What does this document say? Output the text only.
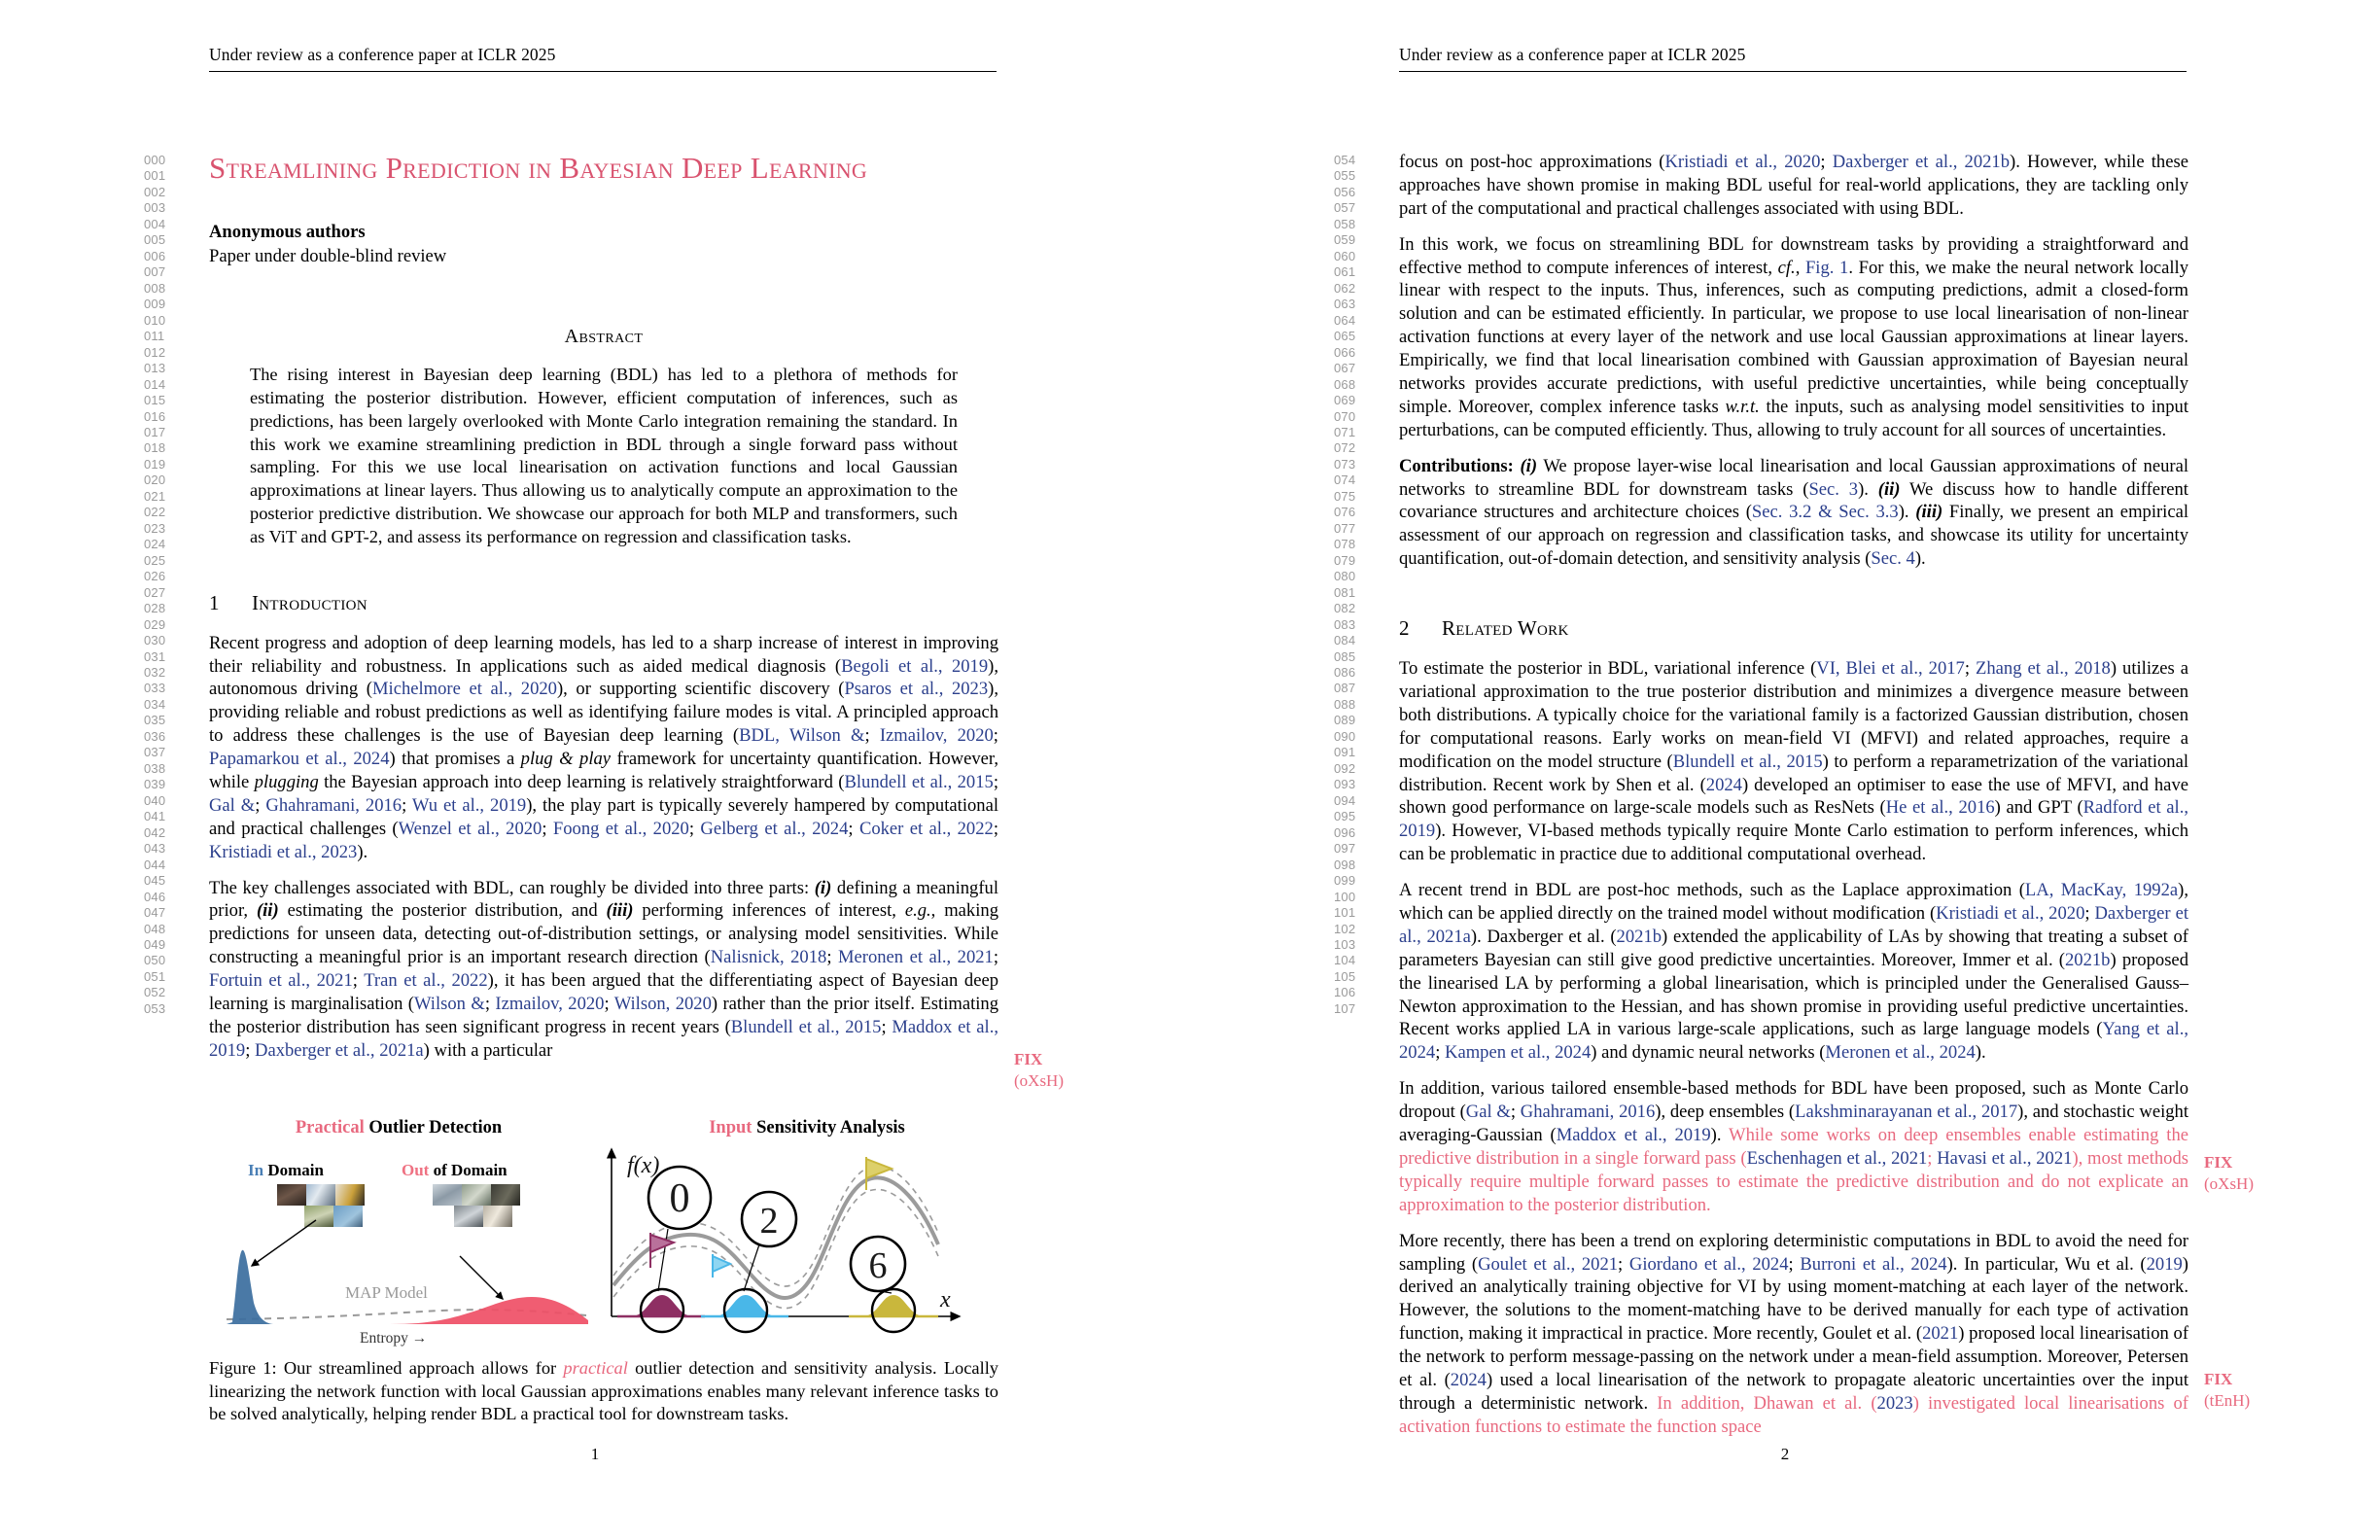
Under review as a conference paper at ICLR 2025
000
001
002
003
004
005
006
007
008
009
010
011
012
013
014
015
016
017
018
019
020
021
022
023
024
025
026
027
028
029
030
031
032
033
034
035
036
037
038
039
040
041
042
043
044
045
046
047
048
049
050
051
052
053
Streamlining Prediction in Bayesian Deep Learning
Anonymous authors
Paper under double-blind review
Abstract
The rising interest in Bayesian deep learning (BDL) has led to a plethora of methods for estimating the posterior distribution. However, efficient computation of inferences, such as predictions, has been largely overlooked with Monte Carlo integration remaining the standard. In this work we examine streamlining prediction in BDL through a single forward pass without sampling. For this we use local linearisation on activation functions and local Gaussian approximations at linear layers. Thus allowing us to analytically compute an approximation to the posterior predictive distribution. We showcase our approach for both MLP and transformers, such as ViT and GPT-2, and assess its performance on regression and classification tasks.
1 Introduction

Recent progress and adoption of deep learning models, has led to a sharp increase of interest in improving their reliability and robustness. In applications such as aided medical diagnosis (Begoli et al., 2019), autonomous driving (Michelmore et al., 2020), or supporting scientific discovery (Psaros et al., 2023), providing reliable and robust predictions as well as identifying failure modes is vital. A principled approach to address these challenges is the use of Bayesian deep learning (BDL, Wilson &; Izmailov, 2020; Papamarkou et al., 2024) that promises a plug & play framework for uncertainty quantification. However, while plugging the Bayesian approach into deep learning is relatively straightforward (Blundell et al., 2015; Gal &; Ghahramani, 2016; Wu et al., 2019), the play part is typically severely hampered by computational and practical challenges (Wenzel et al., 2020; Foong et al., 2020; Gelberg et al., 2024; Coker et al., 2022; Kristiadi et al., 2023).

The key challenges associated with BDL, can roughly be divided into three parts: (i) defining a meaningful prior, (ii) estimating the posterior distribution, and (iii) performing inferences of interest, e.g., making predictions for unseen data, detecting out-of-distribution settings, or analysing model sensitivities. While constructing a meaningful prior is an important research direction (Nalisnick, 2018; Meronen et al., 2021; Fortuin et al., 2021; Tran et al., 2022), it has been argued that the differentiating aspect of Bayesian deep learning is marginalisation (Wilson &; Izmailov, 2020; Wilson, 2020) rather than the prior itself. Estimating the posterior distribution has seen significant progress in recent years (Blundell et al., 2015; Maddox et al., 2019; Daxberger et al., 2021a) with a particular	FIX
(oXsH)
Practical Outlier Detection
In Domain	Out of Domain
MAP Model
Entropy →
Input Sensitivity Analysis
0 2
6
f(x)
x
Figure 1: Our streamlined approach allows for practical outlier detection and sensitivity analysis. Locally linearizing the network function with local Gaussian approximations enables many relevant inference tasks to be solved analytically, helping render BDL a practical tool for downstream tasks.
1
Under review as a conference paper at ICLR 2025
054
055
056
057
058
059
060
061
062
063
064
065
066
067
068
069
070
071
072
073
074
075
076
077
078
079
080
081
082
083
084
085
086
087
088
089
090
091
092
093
094
095
096
097
098
099
100
101
102
103
104
105
106
107

focus on post-hoc approximations (Kristiadi et al., 2020; Daxberger et al., 2021b). However, while these approaches have shown promise in making BDL useful for real-world applications, they are tackling only part of the computational and practical challenges associated with using BDL.

In this work, we focus on streamlining BDL for downstream tasks by providing a straightforward and effective method to compute inferences of interest, cf., Fig. 1. For this, we make the neural network locally linear with respect to the inputs. Thus, inferences, such as computing predictions, admit a closed-form solution and can be estimated efficiently. In particular, we propose to use local linearisation of non-linear activation functions at every layer of the network and use local Gaussian approximations at linear layers. Empirically, we find that local linearisation combined with Gaussian approximation of Bayesian neural networks provides accurate predictions, with useful predictive uncertainties, while being conceptually simple. Moreover, complex inference tasks w.r.t. the inputs, such as analysing model sensitivities to input perturbations, can be computed efficiently. Thus, allowing to truly account for all sources of uncertainties.

Contributions: (i) We propose layer-wise local linearisation and local Gaussian approximations of neural networks to streamline BDL for downstream tasks (Sec. 3). (ii) We discuss how to handle different covariance structures and architecture choices (Sec. 3.2 & Sec. 3.3). (iii) Finally, we present an empirical assessment of our approach on regression and classification tasks, and showcase its utility for uncertainty quantification, out-of-domain detection, and sensitivity analysis (Sec. 4).

2 Related Work

To estimate the posterior in BDL, variational inference (VI, Blei et al., 2017; Zhang et al., 2018) utilizes a variational approximation to the true posterior distribution and minimizes a divergence measure between both distributions. A typically choice for the variational family is a factorized Gaussian distribution, chosen for computational reasons. Early works on mean-field VI (MFVI) and related approaches, require a modification on the model structure (Blundell et al., 2015) to perform a reparametrization of the variational distribution. Recent work by Shen et al. (2024) developed an optimiser to ease the use of MFVI, and have shown good performance on large-scale models such as ResNets (He et al., 2016) and GPT (Radford et al., 2019). However, VI-based methods typically require Monte Carlo estimation to perform inferences, which can be problematic in practice due to additional computational overhead.

A recent trend in BDL are post-hoc methods, such as the Laplace approximation (LA, MacKay, 1992a), which can be applied directly on the trained model without modification (Kristiadi et al., 2020; Daxberger et al., 2021a). Daxberger et al. (2021b) extended the applicability of LAs by showing that treating a subset of parameters Bayesian can still give good predictive uncertainties. Moreover, Immer et al. (2021b) proposed the linearised LA by performing a global linearisation, which is principled under the Generalised Gauss–Newton approximation to the Hessian, and has shown promise in providing useful predictive uncertainties. Recent works applied LA in various large-scale applications, such as large language models (Yang et al., 2024; Kampen et al., 2024) and dynamic neural networks (Meronen et al., 2024).

In addition, various tailored ensemble-based methods for BDL have been proposed, such as Monte Carlo dropout (Gal &; Ghahramani, 2016), deep ensembles (Lakshminarayanan et al., 2017), and stochastic weight averaging-Gaussian (Maddox et al., 2019). While some works on deep ensembles enable estimating the predictive distribution in a single forward pass (Eschenhagen et al., 2021; Havasi et al., 2021), most methods typically require multiple forward passes to estimate the predictive distribution and do not explicate an approximation to the posterior distribution.

More recently, there has been a trend on exploring deterministic computations in BDL to avoid the need for sampling (Goulet et al., 2021; Giordano et al., 2024; Burroni et al., 2024). In particular, Wu et al. (2019) derived an analytically training objective for VI by using moment-matching at each layer of the network. However, the solutions to the moment-matching have to be derived manually for each type of activation function, making it impractical in practice. More recently, Goulet et al. (2021) proposed local linearisation of the network to perform message-passing on the network under a mean-field assumption. Moreover, Petersen et al. (2024) used a local linearisation of the network to propagate aleatoric uncertainties over the input through a deterministic network. In addition, Dhawan et al. (2023) investigated local linearisations of activation functions to estimate the function space

FIX
(oXsH)
FIX
(tEnH)
2
